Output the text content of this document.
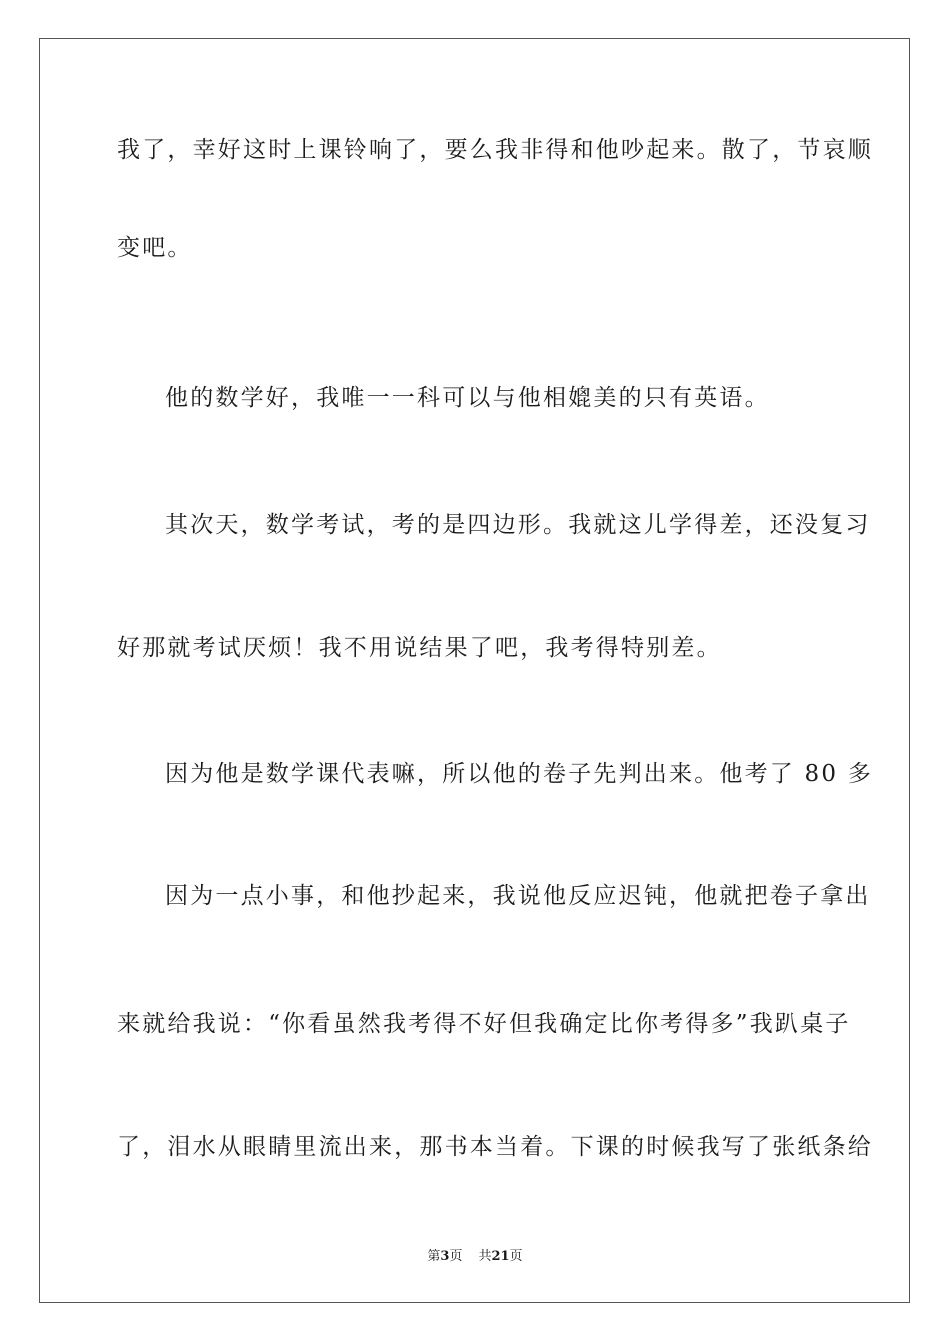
我了，幸好这时上课铃响了，要么我非得和他吵起来。散了，节哀顺
变吧。
他的数学好，我唯一一科可以与他相媲美的只有英语。
其次天，数学考试，考的是四边形。我就这儿学得差，还没复习
好那就考试厌烦！我不用说结果了吧，我考得特别差。
因为他是数学课代表嘛，所以他的卷子先判出来。他考了 80 多
因为一点小事，和他抄起来，我说他反应迟钝，他就把卷子拿出
来就给我说：“你看虽然我考得不好但我确定比你考得多”我趴桌子
了，泪水从眼睛里流出来，那书本当着。下课的时候我写了张纸条给
第3页 共21页
